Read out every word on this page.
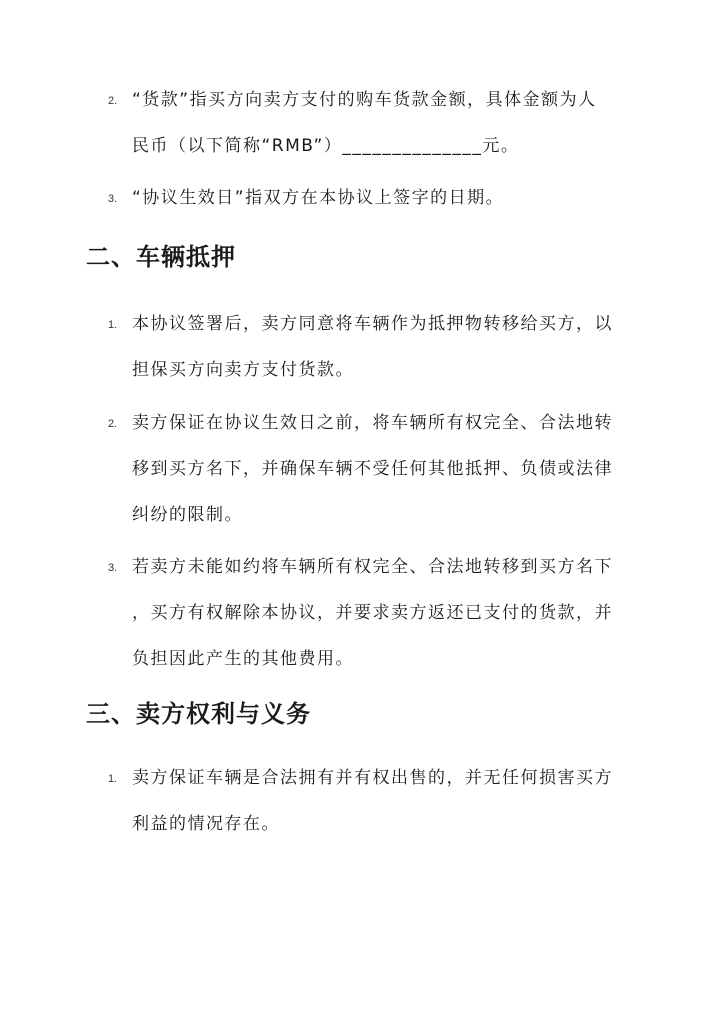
2. “货款”指买方向卖方支付的购车货款金额，具体金额为人
民币（以下简称“RMB”）______________元。
3. “协议生效日”指双方在本协议上签字的日期。
二、车辆抵押
1. 本协议签署后，卖方同意将车辆作为抵押物转移给买方，以
担保买方向卖方支付货款。
2. 卖方保证在协议生效日之前，将车辆所有权完全、合法地转
移到买方名下，并确保车辆不受任何其他抵押、负债或法律
纠纷的限制。
3. 若卖方未能如约将车辆所有权完全、合法地转移到买方名下
，买方有权解除本协议，并要求卖方返还已支付的货款，并
负担因此产生的其他费用。
三、卖方权利与义务
1. 卖方保证车辆是合法拥有并有权出售的，并无任何损害买方
利益的情况存在。
